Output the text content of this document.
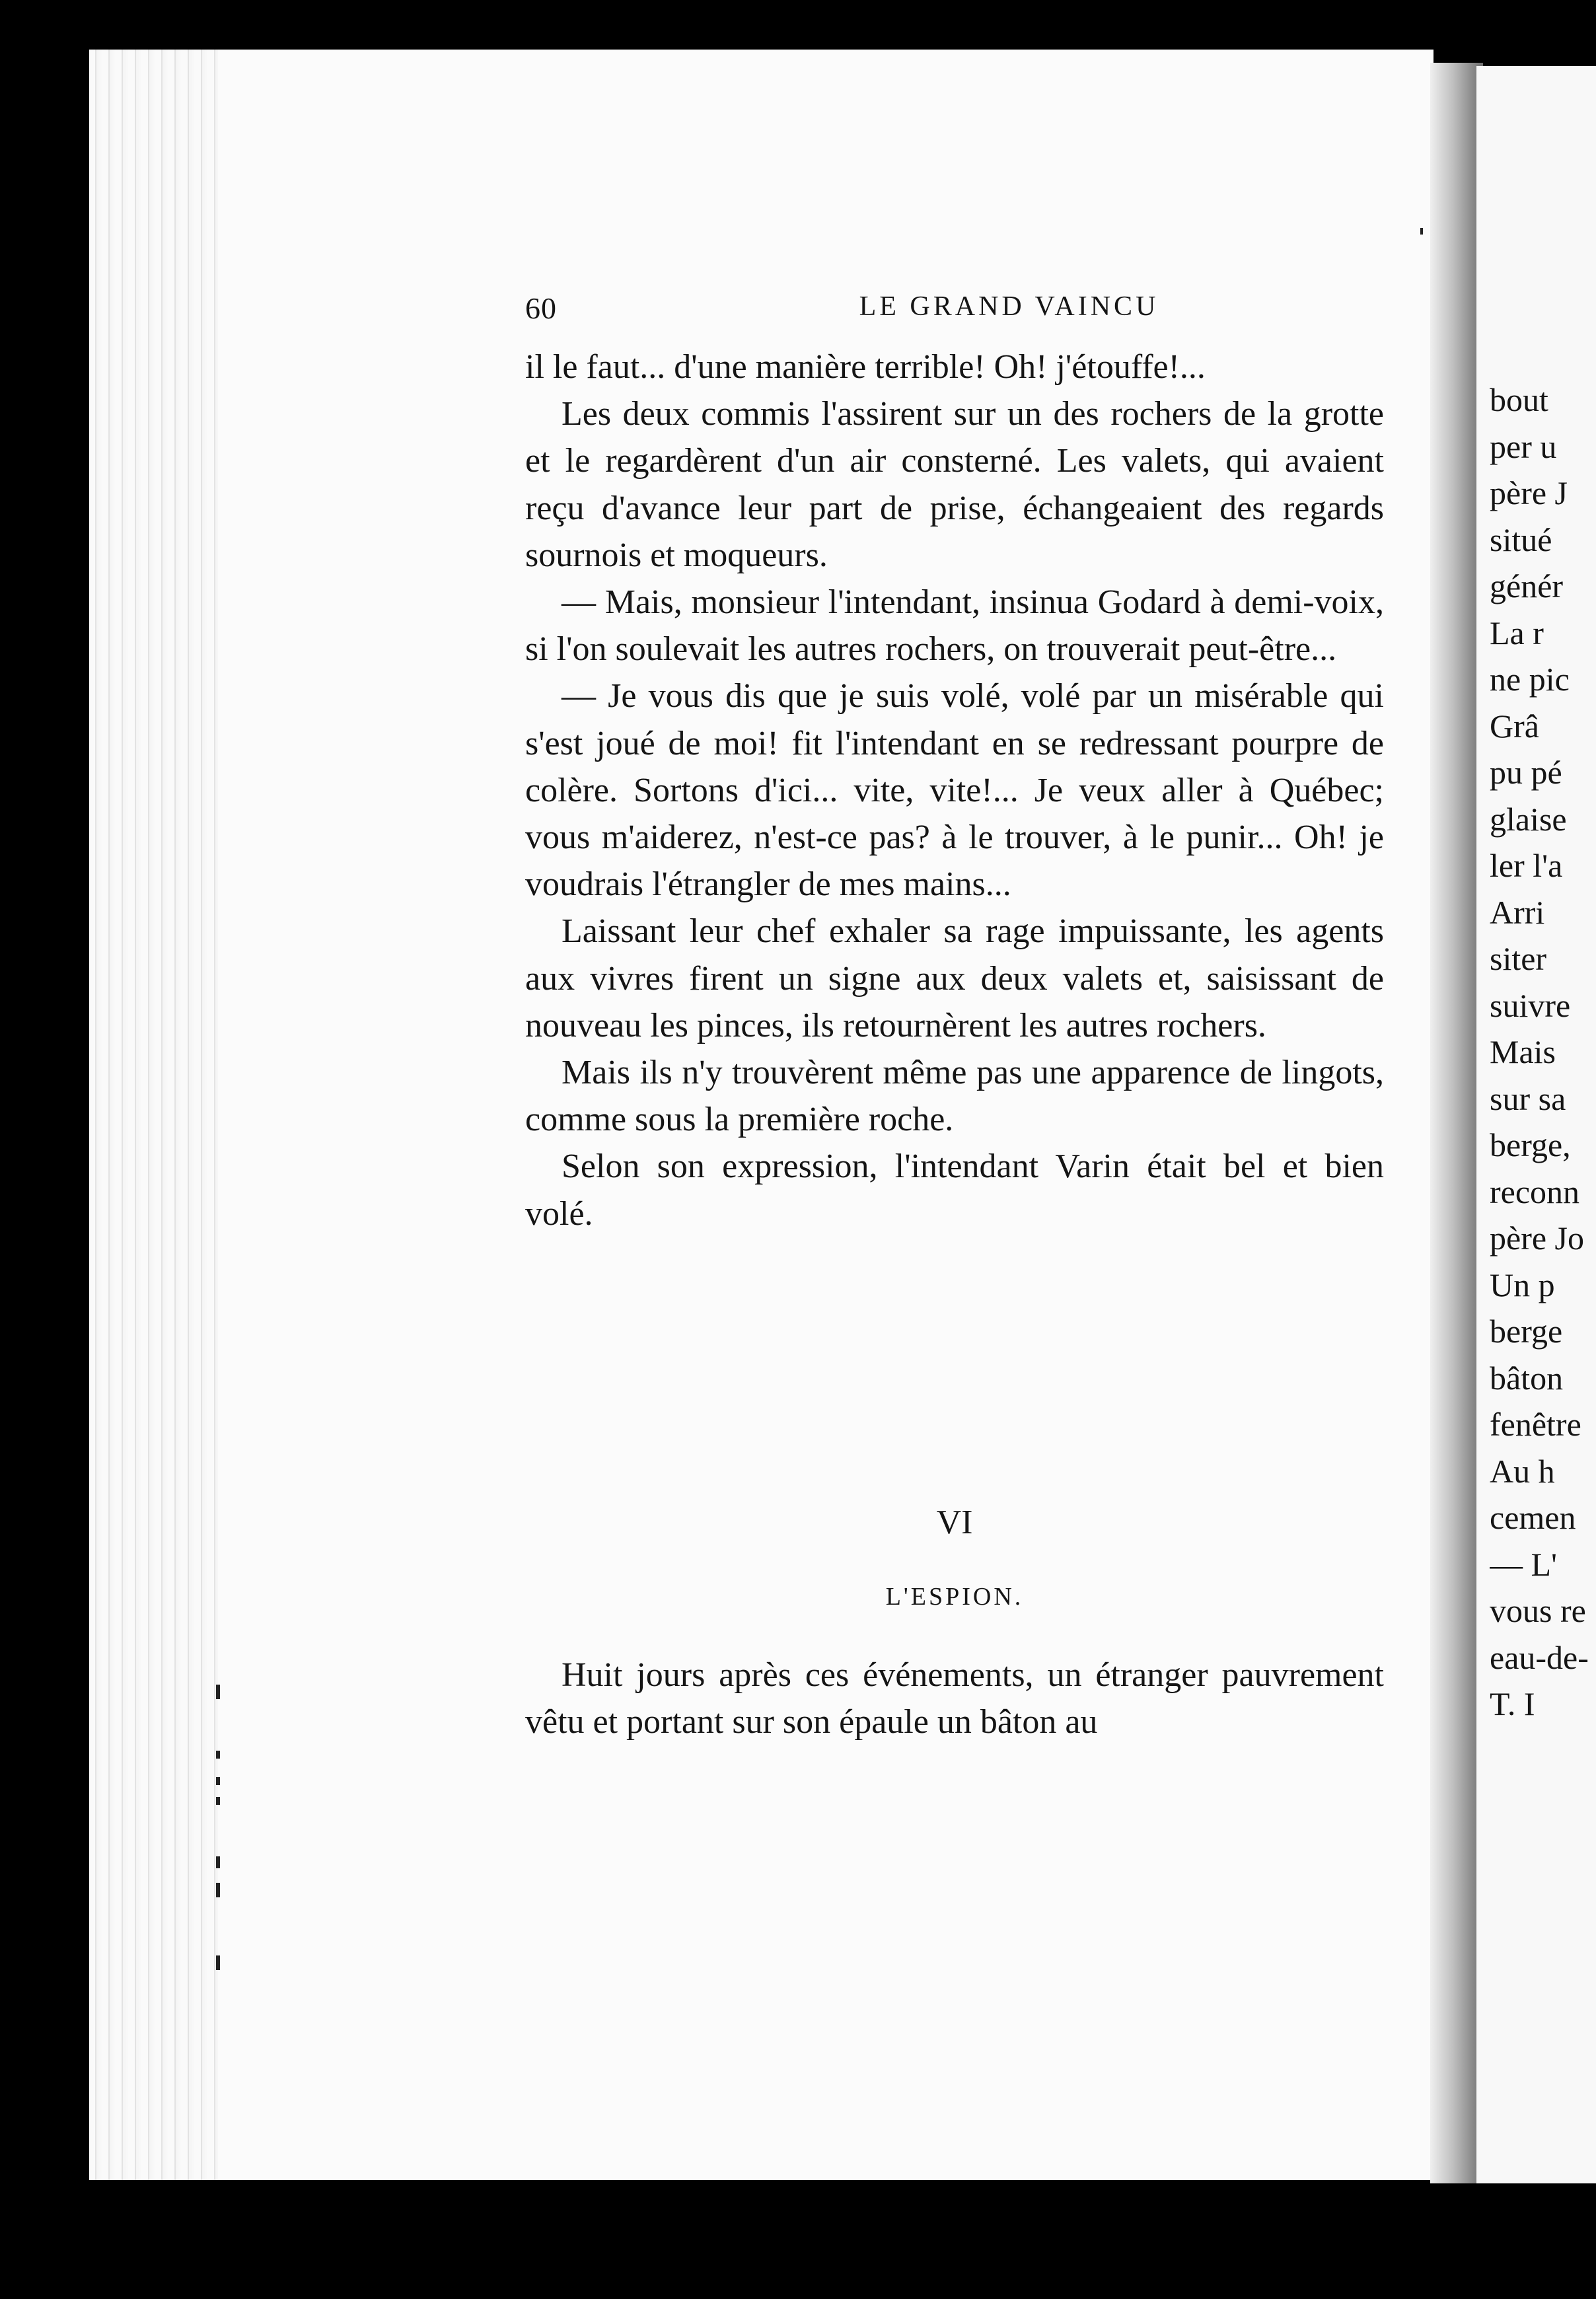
60	LE GRAND VAINCU

il le faut... d'une manière terrible! Oh! j'étouffe!...

Les deux commis l'assirent sur un des rochers de la grotte et le regardèrent d'un air consterné. Les valets, qui avaient reçu d'avance leur part de prise, échangeaient des regards sournois et moqueurs.

— Mais, monsieur l'intendant, insinua Godard à demi-voix, si l'on soulevait les autres rochers, on trouverait peut-être...

— Je vous dis que je suis volé, volé par un misérable qui s'est joué de moi! fit l'intendant en se redressant pourpre de colère. Sortons d'ici... vite, vite!... Je veux aller à Québec; vous m'aiderez, n'est-ce pas? à le trouver, à le punir... Oh! je voudrais l'étrangler de mes mains...

Laissant leur chef exhaler sa rage impuissante, les agents aux vivres firent un signe aux deux valets et, saisissant de nouveau les pinces, ils retournèrent les autres rochers.

Mais ils n'y trouvèrent même pas une apparence de lingots, comme sous la première roche.

Selon son expression, l'intendant Varin était bel et bien volé.

VI
L'ESPION.

Huit jours après ces événements, un étranger pauvrement vêtu et portant sur son épaule un bâton au

bout
per u
père J
situé
génér
La r
ne pic
Grâ
pu pé
glaise
ler l'a
Arri
siter
suivre
Mais
sur sa
berge,
reconn
père Jo
Un p
berge
bâton
fenêtre
Au h
cemen
— L'
vous re
eau-de-
T. I
